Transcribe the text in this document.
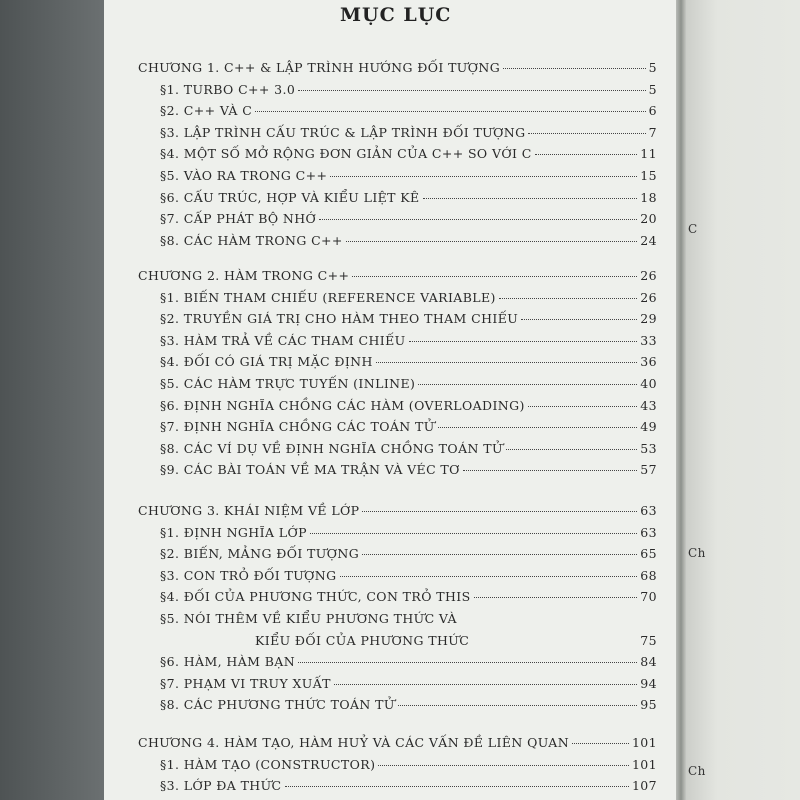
MỤC LỤC
CHƯƠNG 1. C++ & LẬP TRÌNH HƯỚNG ĐỐI TƯỢNG	5
§1. TURBO C++ 3.0	5
§2. C++ VÀ C	6
§3. LẬP TRÌNH CẤU TRÚC & LẬP TRÌNH ĐỐI TƯỢNG	7
§4. MỘT SỐ MỞ RỘNG ĐƠN GIẢN CỦA C++ SO VỚI C	11
§5. VÀO RA TRONG C++	15
§6. CẤU TRÚC, HỢP VÀ KIỂU LIỆT KÊ	18
§7. CẤP PHÁT BỘ NHỚ	20
§8. CÁC HÀM TRONG C++	24
CHƯƠNG 2. HÀM TRONG C++	26
§1. BIẾN THAM CHIẾU (REFERENCE VARIABLE)	26
§2. TRUYỀN GIÁ TRỊ CHO HÀM THEO THAM CHIẾU	29
§3. HÀM TRẢ VỀ CÁC THAM CHIẾU	33
§4. ĐỐI CÓ GIÁ TRỊ MẶC ĐỊNH	36
§5. CÁC HÀM TRỰC TUYẾN (INLINE)	40
§6. ĐỊNH NGHĨA CHỒNG CÁC HÀM (OVERLOADING)	43
§7. ĐỊNH NGHĨA CHỒNG CÁC TOÁN TỬ	49
§8. CÁC VÍ DỤ VỀ ĐỊNH NGHĨA CHỒNG TOÁN TỬ	53
§9. CÁC BÀI TOÁN VỀ MA TRẬN VÀ VÉC TƠ	57
CHƯƠNG 3. KHÁI NIỆM VỀ LỚP	63
§1. ĐỊNH NGHĨA LỚP	63
§2. BIẾN, MẢNG ĐỐI TƯỢNG	65
§3. CON TRỎ ĐỐI TƯỢNG	68
§4. ĐỐI CỦA PHƯƠNG THỨC, CON TRỎ THIS	70
§5. NÓI THÊM VỀ KIỂU PHƯƠNG THỨC VÀ
KIỂU ĐỐI CỦA PHƯƠNG THỨC	75
§6. HÀM, HÀM BẠN	84
§7. PHẠM VI TRUY XUẤT	94
§8. CÁC PHƯƠNG THỨC TOÁN TỬ	95
CHƯƠNG 4. HÀM TẠO, HÀM HUỶ VÀ CÁC VẤN ĐỀ LIÊN QUAN	101
§1. HÀM TẠO (CONSTRUCTOR)	101
§3. LỚP ĐA THỨC	107
C
Ch
Ch
